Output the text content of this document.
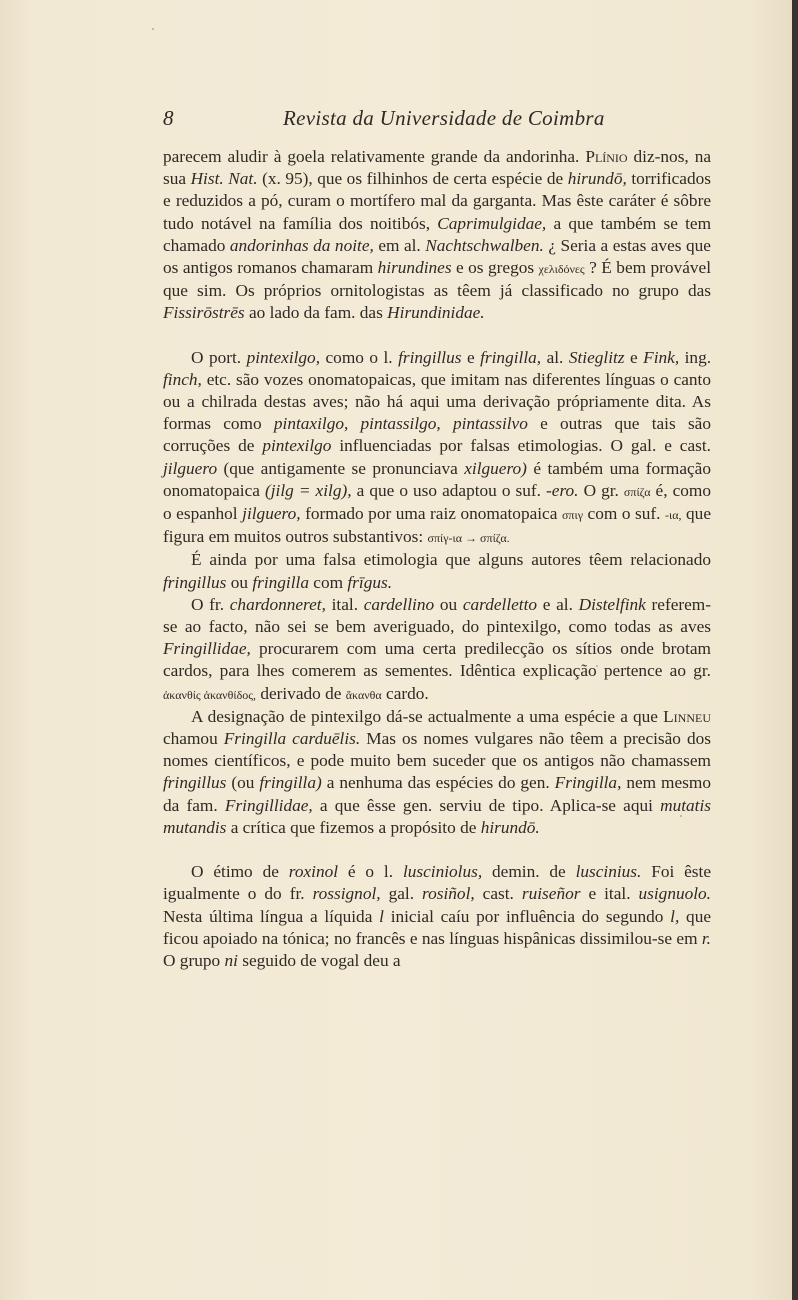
8	Revista da Universidade de Coimbra

parecem aludir à goela relativamente grande da andorinha. Plínio diz-nos, na sua Hist. Nat. (x. 95), que os filhinhos de certa espécie de hirundō, torrificados e reduzidos a pó, curam o mortífero mal da garganta. Mas êste caráter é sôbre tudo notável na família dos noitibós, Caprimulgidae, a que também se tem chamado andorinhas da noite, em al. Nachtschwalben. ¿ Seria a estas aves que os antigos romanos chamaram hirundines e os gregos χελιδόνες ? É bem provável que sim. Os próprios ornitologistas as têem já classificado no grupo das Fissirōstrēs ao lado da fam. das Hirundinidae.

O port. pintexilgo, como o l. fringillus e fringilla, al. Stieglitz e Fink, ing. finch, etc. são vozes onomatopaicas, que imitam nas diferentes línguas o canto ou a chilrada destas aves; não há aqui uma derivação própriamente dita. As formas como pintaxilgo, pintassilgo, pintassilvo e outras que tais são corruções de pintexilgo influenciadas por falsas etimologias. O gal. e cast. jilguero (que antigamente se pronunciava xilguero) é também uma formação onomatopaica (jilg = xilg), a que o uso adaptou o suf. -ero. O gr. σπίζα é, como o espanhol jilguero, formado por uma raiz onomatopaica σπιγ com o suf. -ια, que figura em muitos outros substantivos: σπίγ-ια → σπίζα.

É ainda por uma falsa etimologia que alguns autores têem relacionado fringillus ou fringilla com frīgus.

O fr. chardonneret, ital. cardellino ou cardelletto e al. Distelfink referem-se ao facto, não sei se bem averiguado, do pintexilgo, como todas as aves Fringillidae, procurarem com uma certa predilecção os sítios onde brotam cardos, para lhes comerem as sementes. Idêntica explicação pertence ao gr. ἀκανθίς ἀκανθίδος, derivado de ἄκανθα cardo.

A designação de pintexilgo dá-se actualmente a uma espécie a que Linneu chamou Fringilla carduēlis. Mas os nomes vulgares não têem a precisão dos nomes científicos, e pode muito bem suceder que os antigos não chamassem fringillus (ou fringilla) a nenhuma das espécies do gen. Fringilla, nem mesmo da fam. Fringillidae, a que êsse gen. serviu de tipo. Aplica-se aqui mutatis mutandis a crítica que fizemos a propósito de hirundō.

O étimo de roxinol é o l. lusciniolus, demin. de luscinius. Foi êste igualmente o do fr. rossignol, gal. rosiñol, cast. ruiseñor e ital. usignuolo. Nesta última língua a líquida l inicial caíu por influência do segundo l, que ficou apoiado na tónica; no francês e nas línguas hispânicas dissimilou-se em r. O grupo ni seguido de vogal deu a
